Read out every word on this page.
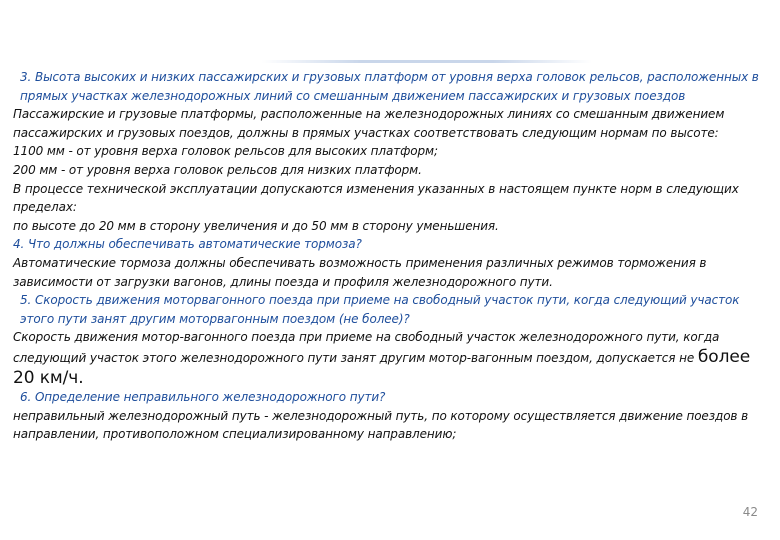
3. Высота высоких и низких пассажирских и грузовых платформ от уровня верха головок рельсов, расположенных в прямых участках железнодорожных линий со смешанным движением пассажирских и грузовых поездов

Пассажирские и грузовые платформы, расположенные на железнодорожных линиях со смешанным движением пассажирских и грузовых поездов, должны в прямых участках соответствовать следующим нормам по высоте:

1100 мм - от уровня верха головок рельсов для высоких платформ;

200 мм - от уровня верха головок рельсов для низких платформ.

В процессе технической эксплуатации допускаются изменения указанных в настоящем пункте норм в следующих пределах:

по высоте до 20 мм в сторону увеличения и до 50 мм в сторону уменьшения.

4. Что должны обеспечивать автоматические тормоза?

Автоматические тормоза должны обеспечивать возможность применения различных режимов торможения в зависимости от загрузки вагонов, длины поезда и профиля железнодорожного пути.

5. Скорость движения моторвагонного поезда при приеме на свободный участок пути, когда следующий участок этого пути занят другим моторвагонным поездом (не более)?

Скорость движения мотор-вагонного поезда при приеме на свободный участок железнодорожного пути, когда следующий участок этого железнодорожного пути занят другим мотор-вагонным поездом, допускается не более 20 км/ч.

6. Определение неправильного железнодорожного пути?

неправильный железнодорожный путь - железнодорожный путь, по которому осуществляется движение поездов в направлении, противоположном специализированному направлению;

42
